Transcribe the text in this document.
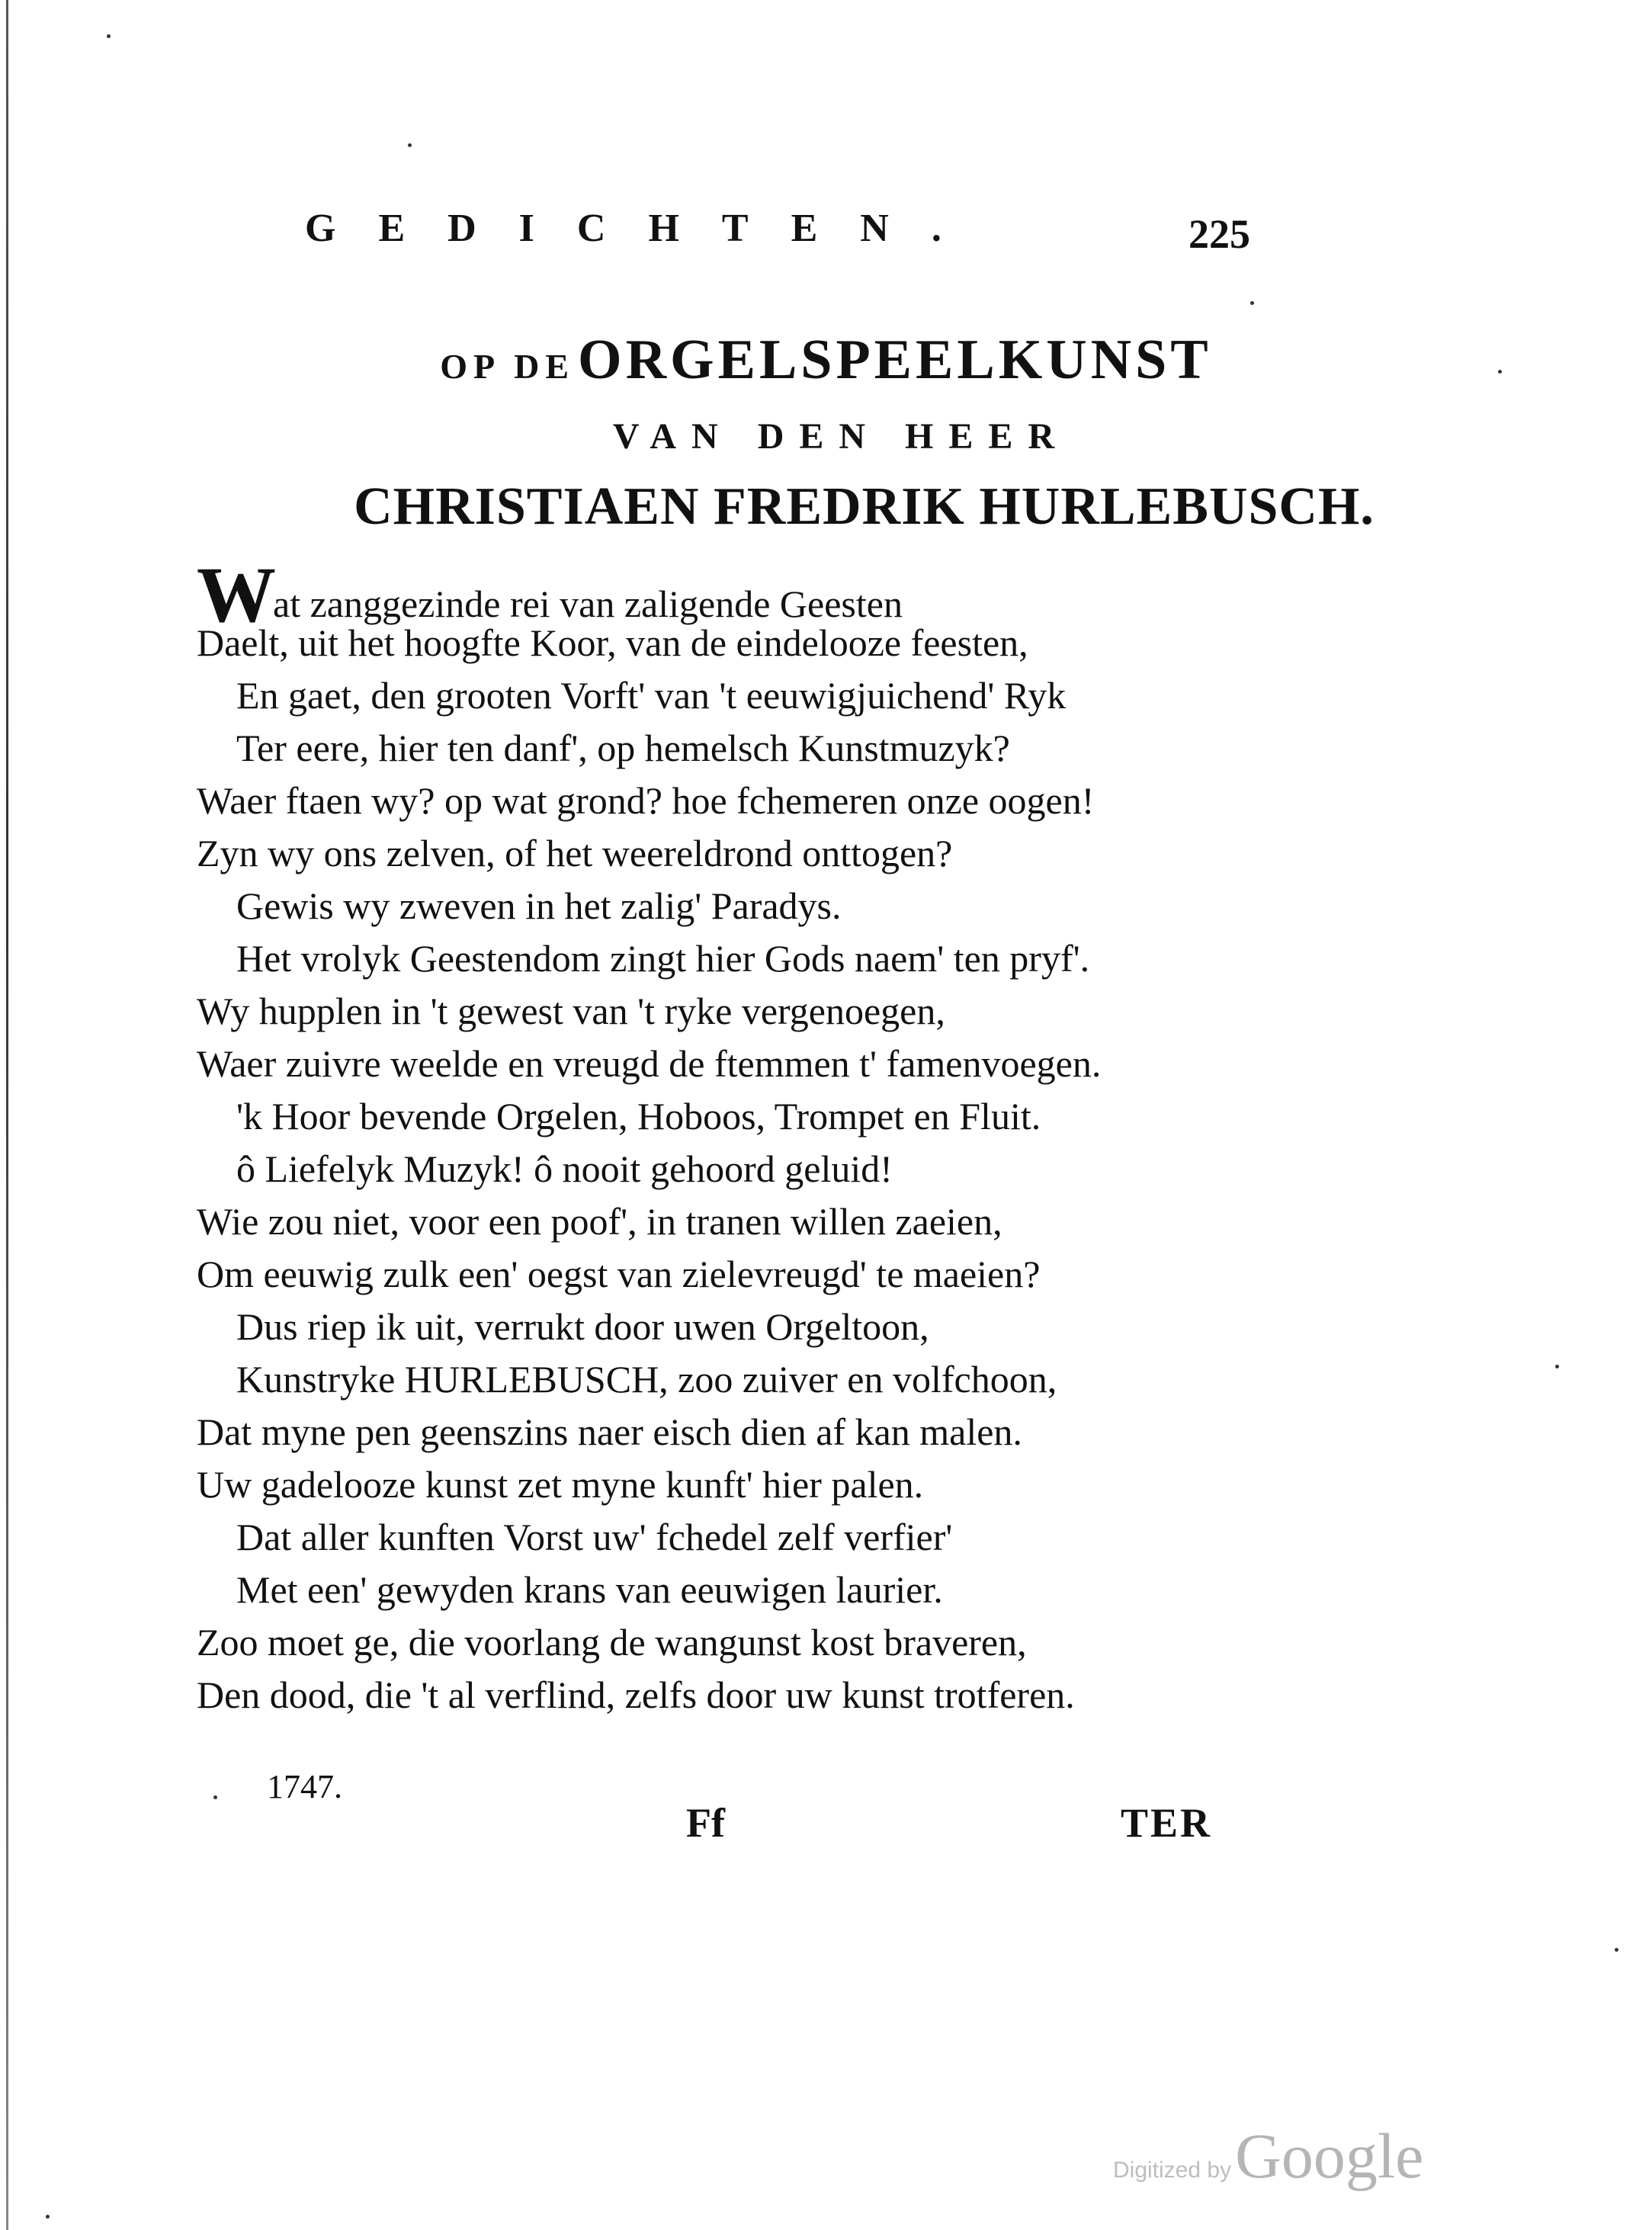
GEDICHTEN.	225
OP DE ORGELSPEELKUNST
VAN DEN HEER
CHRISTIAEN FREDRIK HURLEBUSCH.
Wat zanggezinde rei van zaligende Geesten
Daelt, uit het hoogfte Koor, van de eindelooze feesten,
En gaet, den grooten Vorft' van 't eeuwigjuichend' Ryk
Ter eere, hier ten danf', op hemelsch Kunstmuzyk?
Waer ftaen wy? op wat grond? hoe fchemeren onze oogen!
Zyn wy ons zelven, of het weereldrond onttogen?
Gewis wy zweven in het zalig' Paradys.
Het vrolyk Geestendom zingt hier Gods naem' ten pryf'.
Wy hupplen in 't gewest van 't ryke vergenoegen,
Waer zuivre weelde en vreugd de ftemmen t' famenvoegen.
'k Hoor bevende Orgelen, Hoboos, Trompet en Fluit.
ô Liefelyk Muzyk! ô nooit gehoord geluid!
Wie zou niet, voor een poof', in tranen willen zaeien,
Om eeuwig zulk een' oegst van zielevreugd' te maeien?
Dus riep ik uit, verrukt door uwen Orgeltoon,
Kunstryke HURLEBUSCH, zoo zuiver en volfchoon,
Dat myne pen geenszins naer eisch dien af kan malen.
Uw gadelooze kunst zet myne kunft' hier palen.
Dat aller kunften Vorst uw' fchedel zelf verfier'
Met een' gewyden krans van eeuwigen laurier.
Zoo moet ge, die voorlang de wangunst kost braveren,
Den dood, die 't al verflind, zelfs door uw kunst trotferen.
1747.
Ff	TER
Digitized by Google
